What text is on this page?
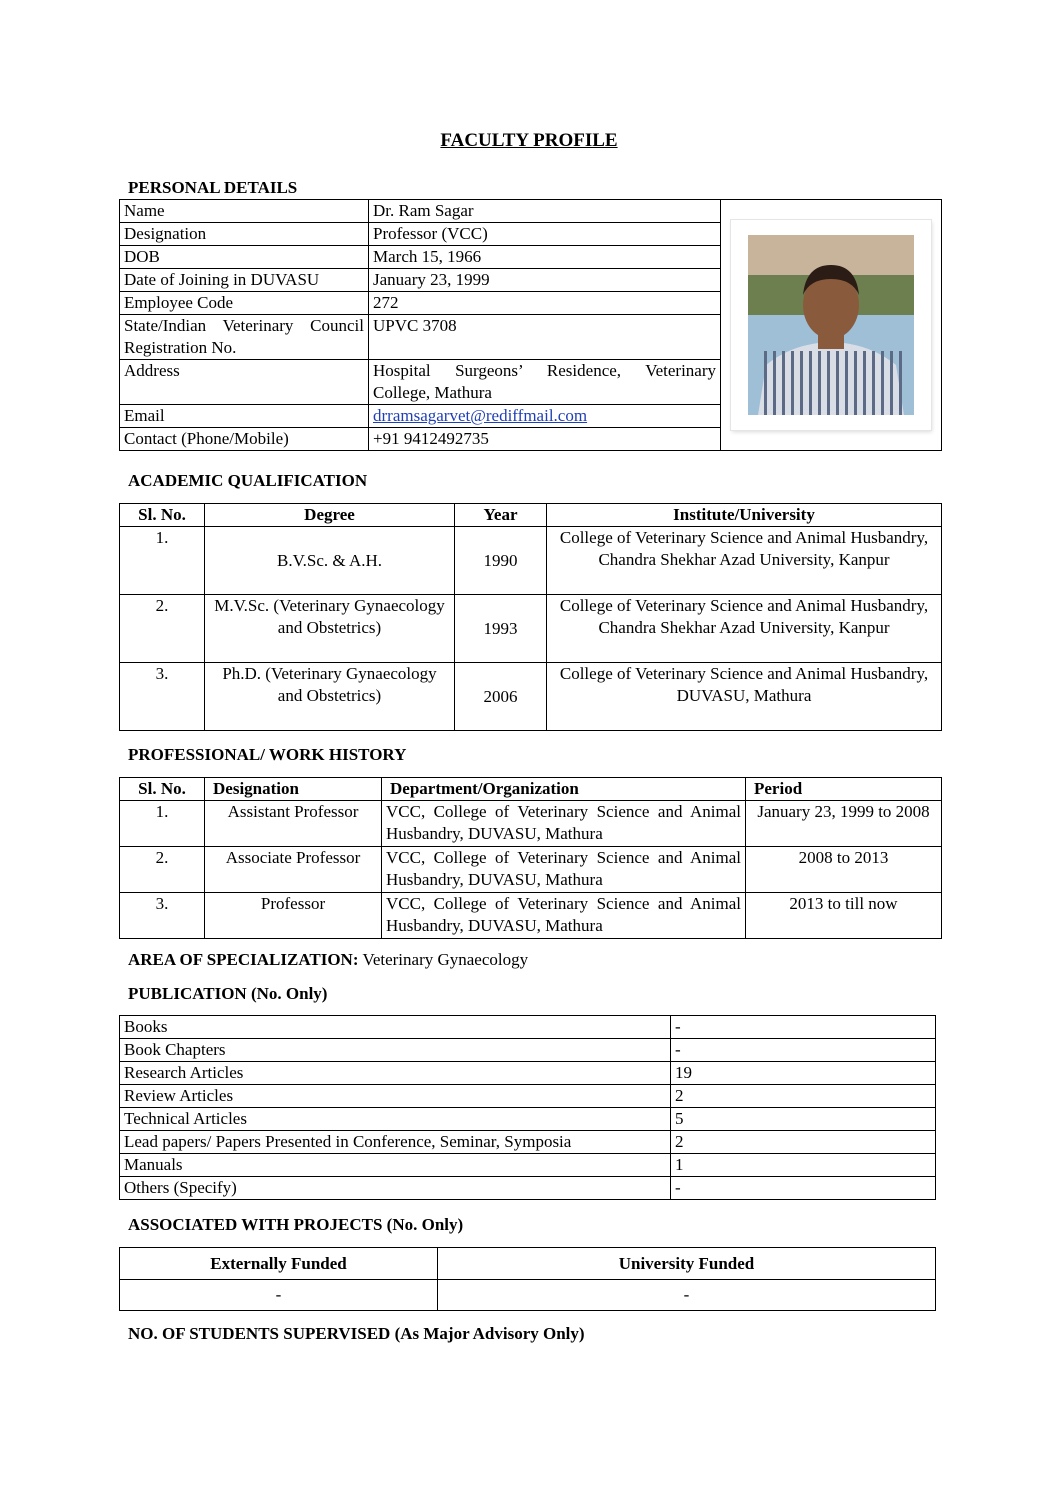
FACULTY PROFILE
PERSONAL DETAILS
Name	Dr. Ram Sagar	

Designation	Professor (VCC)	
DOB	March 15, 1966	
Date of Joining in DUVASU	January 23, 1999	
Employee Code	272	
State/Indian Veterinary Council Registration No.	UPVC 3708	
Address	Hospital Surgeons’ Residence, Veterinary College, Mathura	
Email	drramsagarvet@rediffmail.com	
Contact (Phone/Mobile)	+91 9412492735	
ACADEMIC QUALIFICATION
Sl. No.	Degree	Year	Institute/University
1.	B.V.Sc. & A.H.	1990	College of Veterinary Science and Animal Husbandry, Chandra Shekhar Azad University, Kanpur
2.	M.V.Sc. (Veterinary Gynaecology and Obstetrics)	1993	College of Veterinary Science and Animal Husbandry, Chandra Shekhar Azad University, Kanpur
3.	Ph.D. (Veterinary Gynaecology and Obstetrics)	2006	College of Veterinary Science and Animal Husbandry, DUVASU, Mathura
PROFESSIONAL/ WORK HISTORY
Sl. No.	Designation	Department/Organization	Period
1.	Assistant Professor	VCC, College of Veterinary Science and Animal Husbandry, DUVASU, Mathura	January 23, 1999 to 2008
2.	Associate Professor	VCC, College of Veterinary Science and Animal Husbandry, DUVASU, Mathura	2008 to 2013
3.	Professor	VCC, College of Veterinary Science and Animal Husbandry, DUVASU, Mathura	2013 to till now
AREA OF SPECIALIZATION: Veterinary Gynaecology
PUBLICATION (No. Only)
Books	-
Book Chapters	-
Research Articles	19
Review Articles	2
Technical Articles	5
Lead papers/ Papers Presented in Conference, Seminar, Symposia	2
Manuals	1
Others (Specify)	-
ASSOCIATED WITH PROJECTS (No. Only)
Externally Funded	University Funded
-	-
NO. OF STUDENTS SUPERVISED (As Major Advisory Only)
